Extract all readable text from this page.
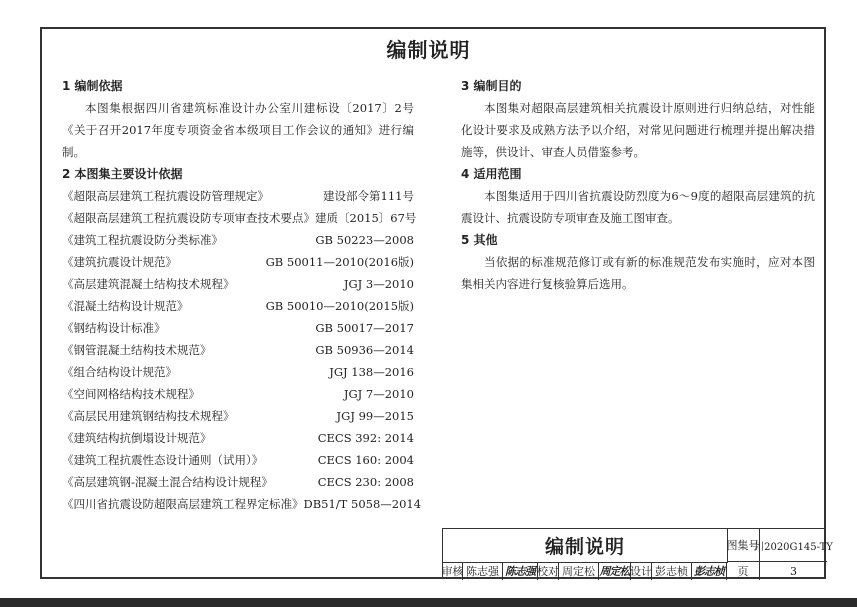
编制说明
1 编制依据
本图集根据四川省建筑标准设计办公室川建标设〔2017〕2号《关于召开2017年度专项资金省本级项目工作会议的通知》进行编制。
2 本图集主要设计依据
《超限高层建筑工程抗震设防管理规定》	建设部令第111号
《超限高层建筑工程抗震设防专项审查技术要点》 建质〔2015〕67号
《建筑工程抗震设防分类标准》	GB 50223—2008
《建筑抗震设计规范》	GB 50011—2010(2016版)
《高层建筑混凝土结构技术规程》	JGJ 3—2010
《混凝土结构设计规范》	GB 50010—2010(2015版)
《钢结构设计标准》	GB 50017—2017
《钢管混凝土结构技术规范》	GB 50936—2014
《组合结构设计规范》	JGJ 138—2016
《空间网格结构技术规程》	JGJ 7—2010
《高层民用建筑钢结构技术规程》	JGJ 99—2015
《建筑结构抗倒塌设计规范》	CECS 392: 2014
《建筑工程抗震性态设计通则（试用）》	CECS 160: 2004
《高层建筑钢-混凝土混合结构设计规程》	CECS 230: 2008
《四川省抗震设防超限高层建筑工程界定标准》 DB51/T 5058—2014
3 编制目的
本图集对超限高层建筑相关抗震设计原则进行归纳总结，对性能化设计要求及成熟方法予以介绍，对常见问题进行梳理并提出解决措施等，供设计、审查人员借鉴参考。
4 适用范围
本图集适用于四川省抗震设防烈度为6～9度的超限高层建筑的抗震设计、抗震设防专项审查及施工图审查。
5 其他
当依据的标准规范修订或有新的标准规范发布实施时，应对本图集相关内容进行复核验算后选用。
编制说明	图集号
川2020G145-TY
审核 陈志强 陈志强 校对 周定松 周定松 设计 彭志桢 彭志桢	页	3
